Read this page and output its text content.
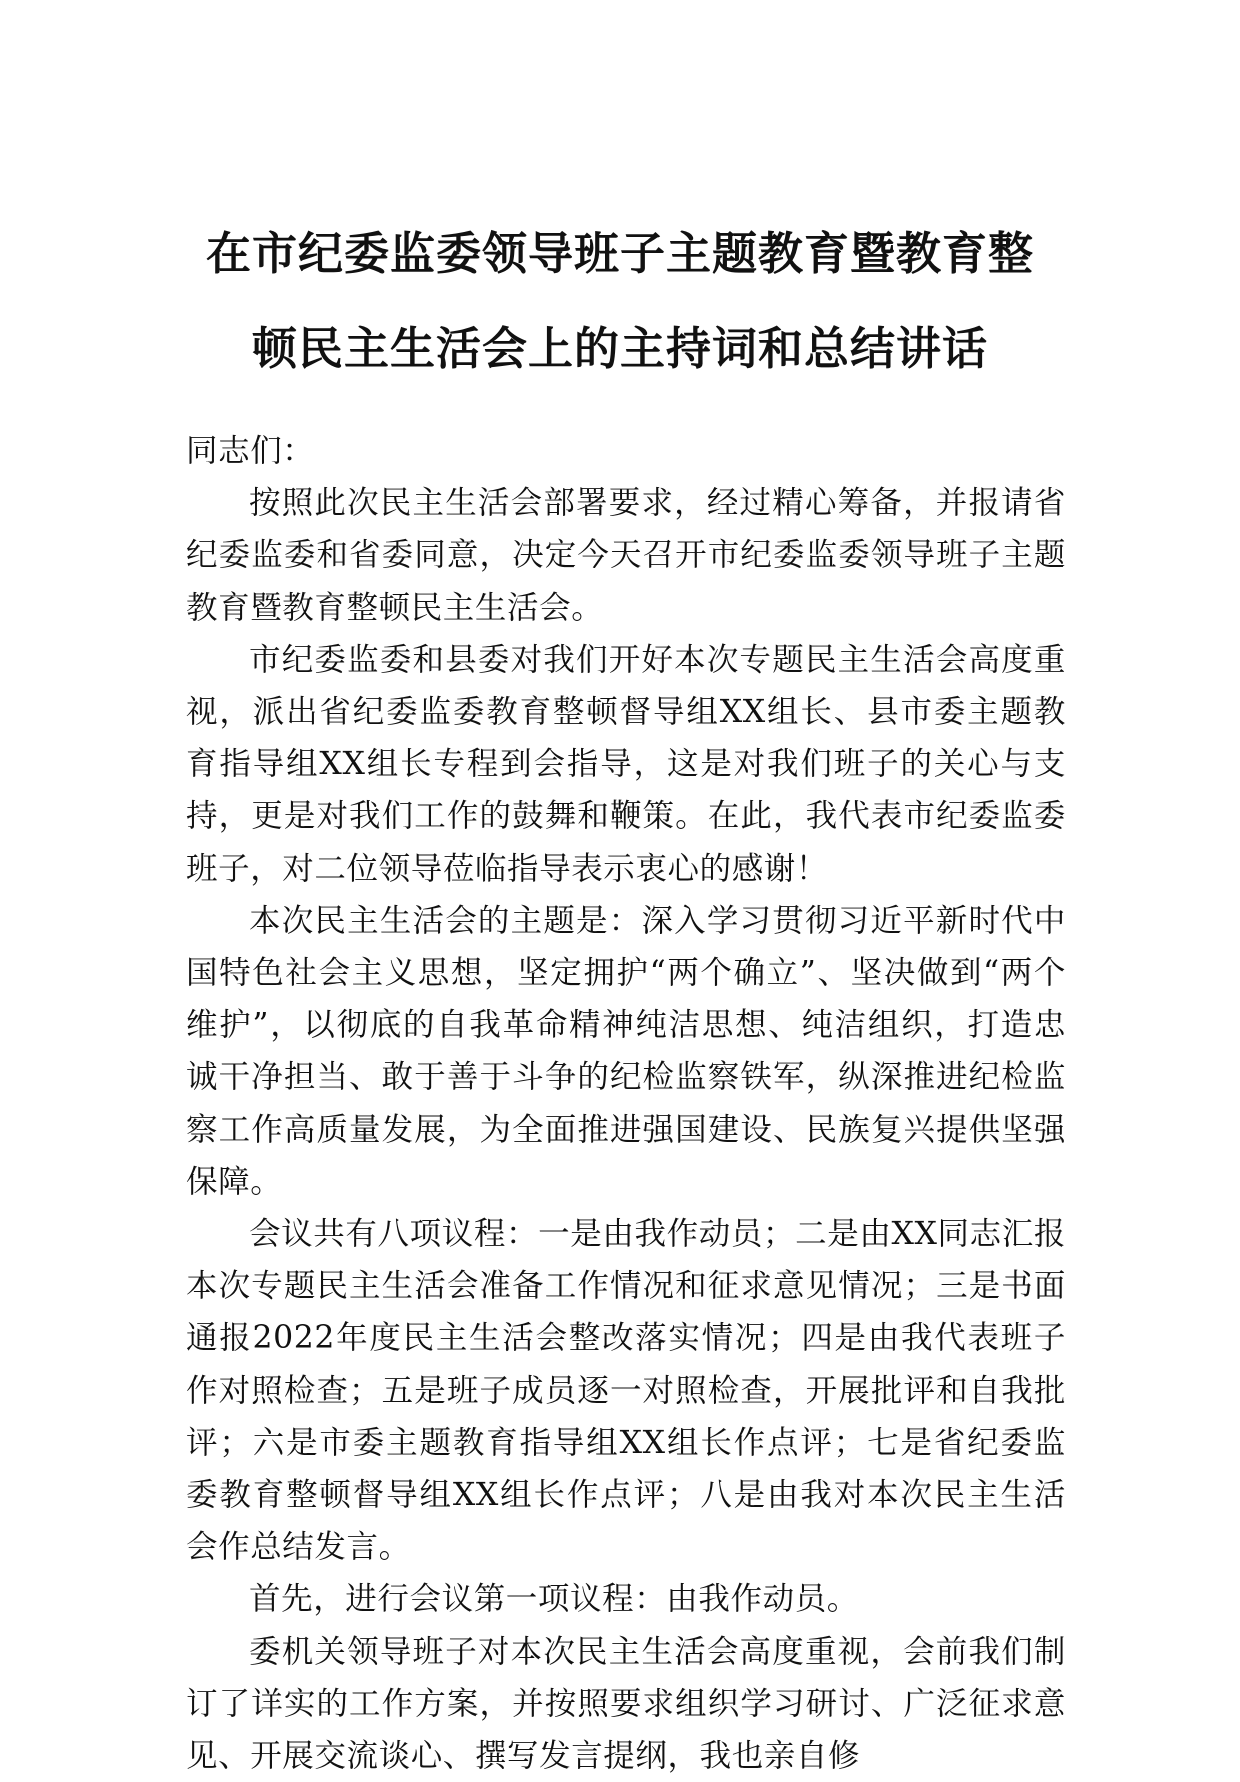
在市纪委监委领导班子主题教育暨教育整

顿民主生活会上的主持词和总结讲话

同志们：

按照此次民主生活会部署要求，经过精心筹备，并报请省纪委监委和省委同意，决定今天召开市纪委监委领导班子主题教育暨教育整顿民主生活会。

市纪委监委和县委对我们开好本次专题民主生活会高度重视，派出省纪委监委教育整顿督导组XX组长、县市委主题教育指导组XX组长专程到会指导，这是对我们班子的关心与支持，更是对我们工作的鼓舞和鞭策。在此，我代表市纪委监委班子，对二位领导莅临指导表示衷心的感谢！

本次民主生活会的主题是：深入学习贯彻习近平新时代中国特色社会主义思想，坚定拥护“两个确立”、坚决做到“两个维护”，以彻底的自我革命精神纯洁思想、纯洁组织，打造忠诚干净担当、敢于善于斗争的纪检监察铁军，纵深推进纪检监察工作高质量发展，为全面推进强国建设、民族复兴提供坚强保障。

会议共有八项议程：一是由我作动员；二是由XX同志汇报本次专题民主生活会准备工作情况和征求意见情况；三是书面通报2022年度民主生活会整改落实情况；四是由我代表班子作对照检查；五是班子成员逐一对照检查，开展批评和自我批评；六是市委主题教育指导组XX组长作点评；七是省纪委监委教育整顿督导组XX组长作点评；八是由我对本次民主生活会作总结发言。

首先，进行会议第一项议程：由我作动员。

委机关领导班子对本次民主生活会高度重视，会前我们制订了详实的工作方案，并按照要求组织学习研讨、广泛征求意见、开展交流谈心、撰写发言提纲，我也亲自修
